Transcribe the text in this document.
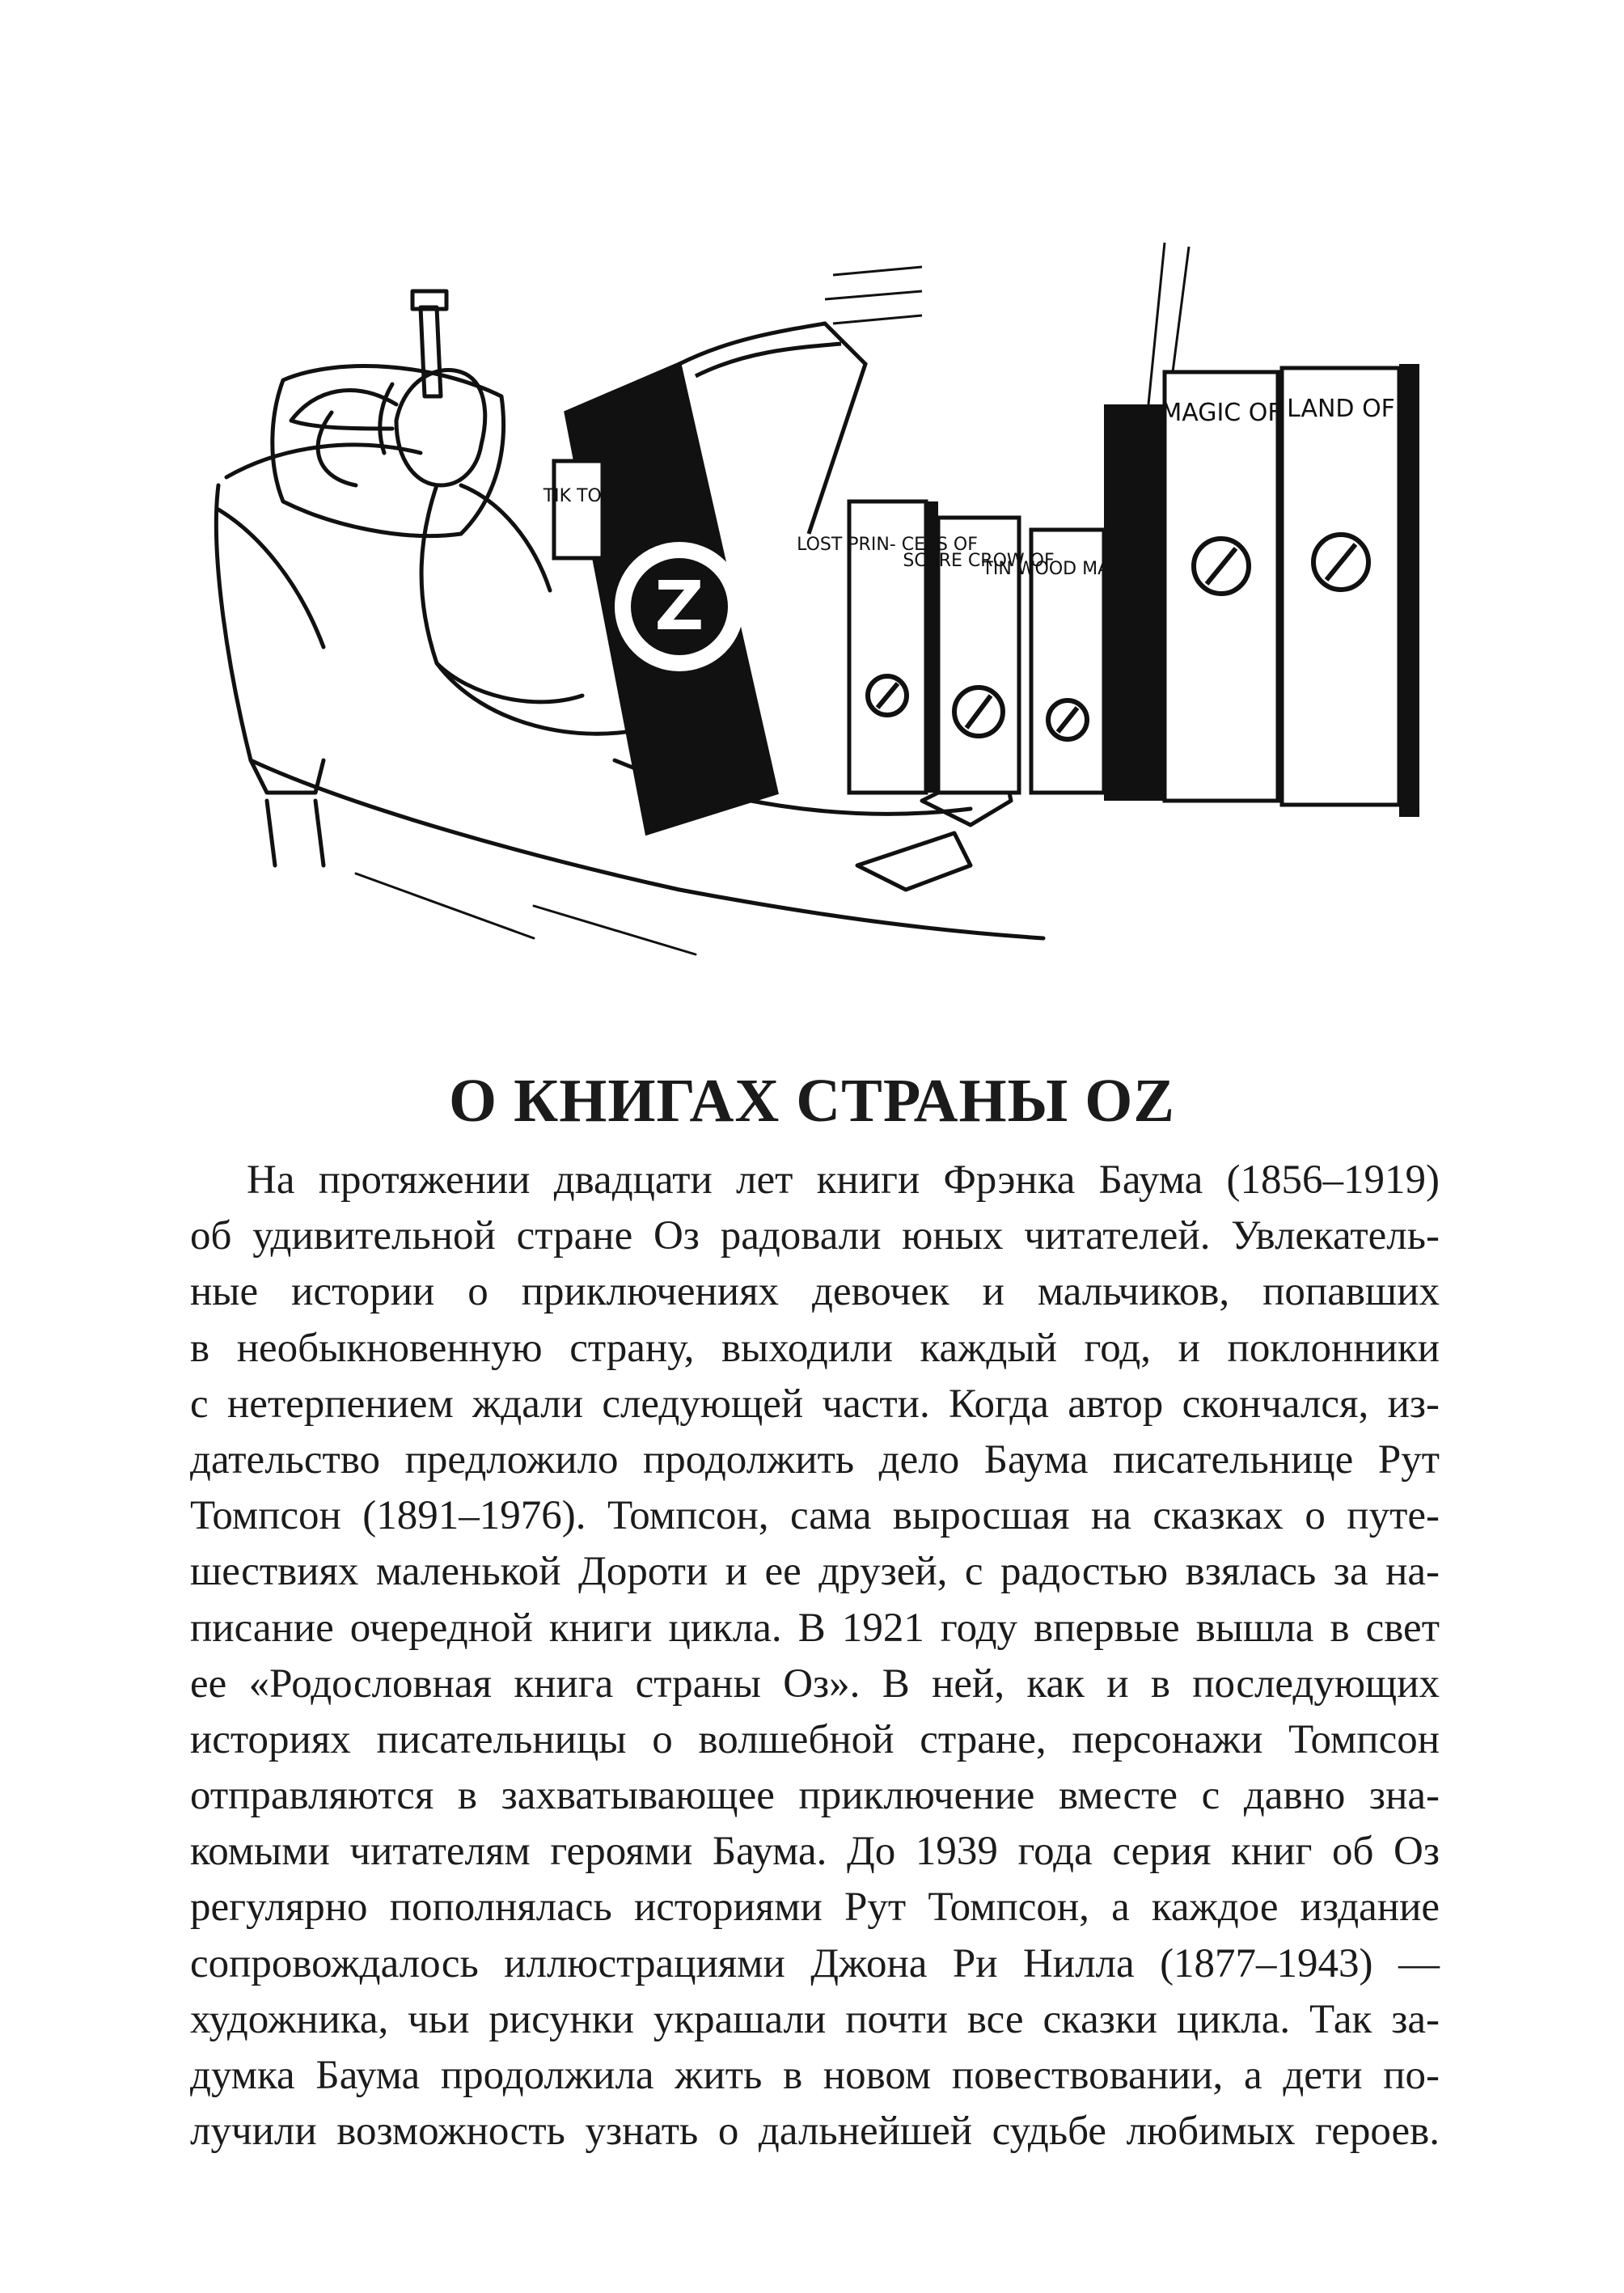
Z
TIK TOK
LOST PRIN- CESS OF
SCARE CROW OF
TIN WOOD MAN OF
MAGIC OF LAND OF
О КНИГАХ СТРАНЫ OZ
На протяжении двадцати лет книги Фрэнка Баума (1856–1919)
об удивительной стране Оз радовали юных читателей. Увлекатель-
ные истории о приключениях девочек и мальчиков, попавших
в необыкновенную страну, выходили каждый год, и поклонники
с нетерпением ждали следующей части. Когда автор скончался, из-
дательство предложило продолжить дело Баума писательнице Рут
Томпсон (1891–1976). Томпсон, сама выросшая на сказках о путе-
шествиях маленькой Дороти и ее друзей, с радостью взялась за на-
писание очередной книги цикла. В 1921 году впервые вышла в свет
ее «Родословная книга страны Оз». В ней, как и в последующих
историях писательницы о волшебной стране, персонажи Томпсон
отправляются в захватывающее приключение вместе с давно зна-
комыми читателям героями Баума. До 1939 года серия книг об Оз
регулярно пополнялась историями Рут Томпсон, а каждое издание
сопровождалось иллюстрациями Джона Ри Нилла (1877–1943) —
художника, чьи рисунки украшали почти все сказки цикла. Так за-
думка Баума продолжила жить в новом повествовании, а дети по-
лучили возможность узнать о дальнейшей судьбе любимых героев.
